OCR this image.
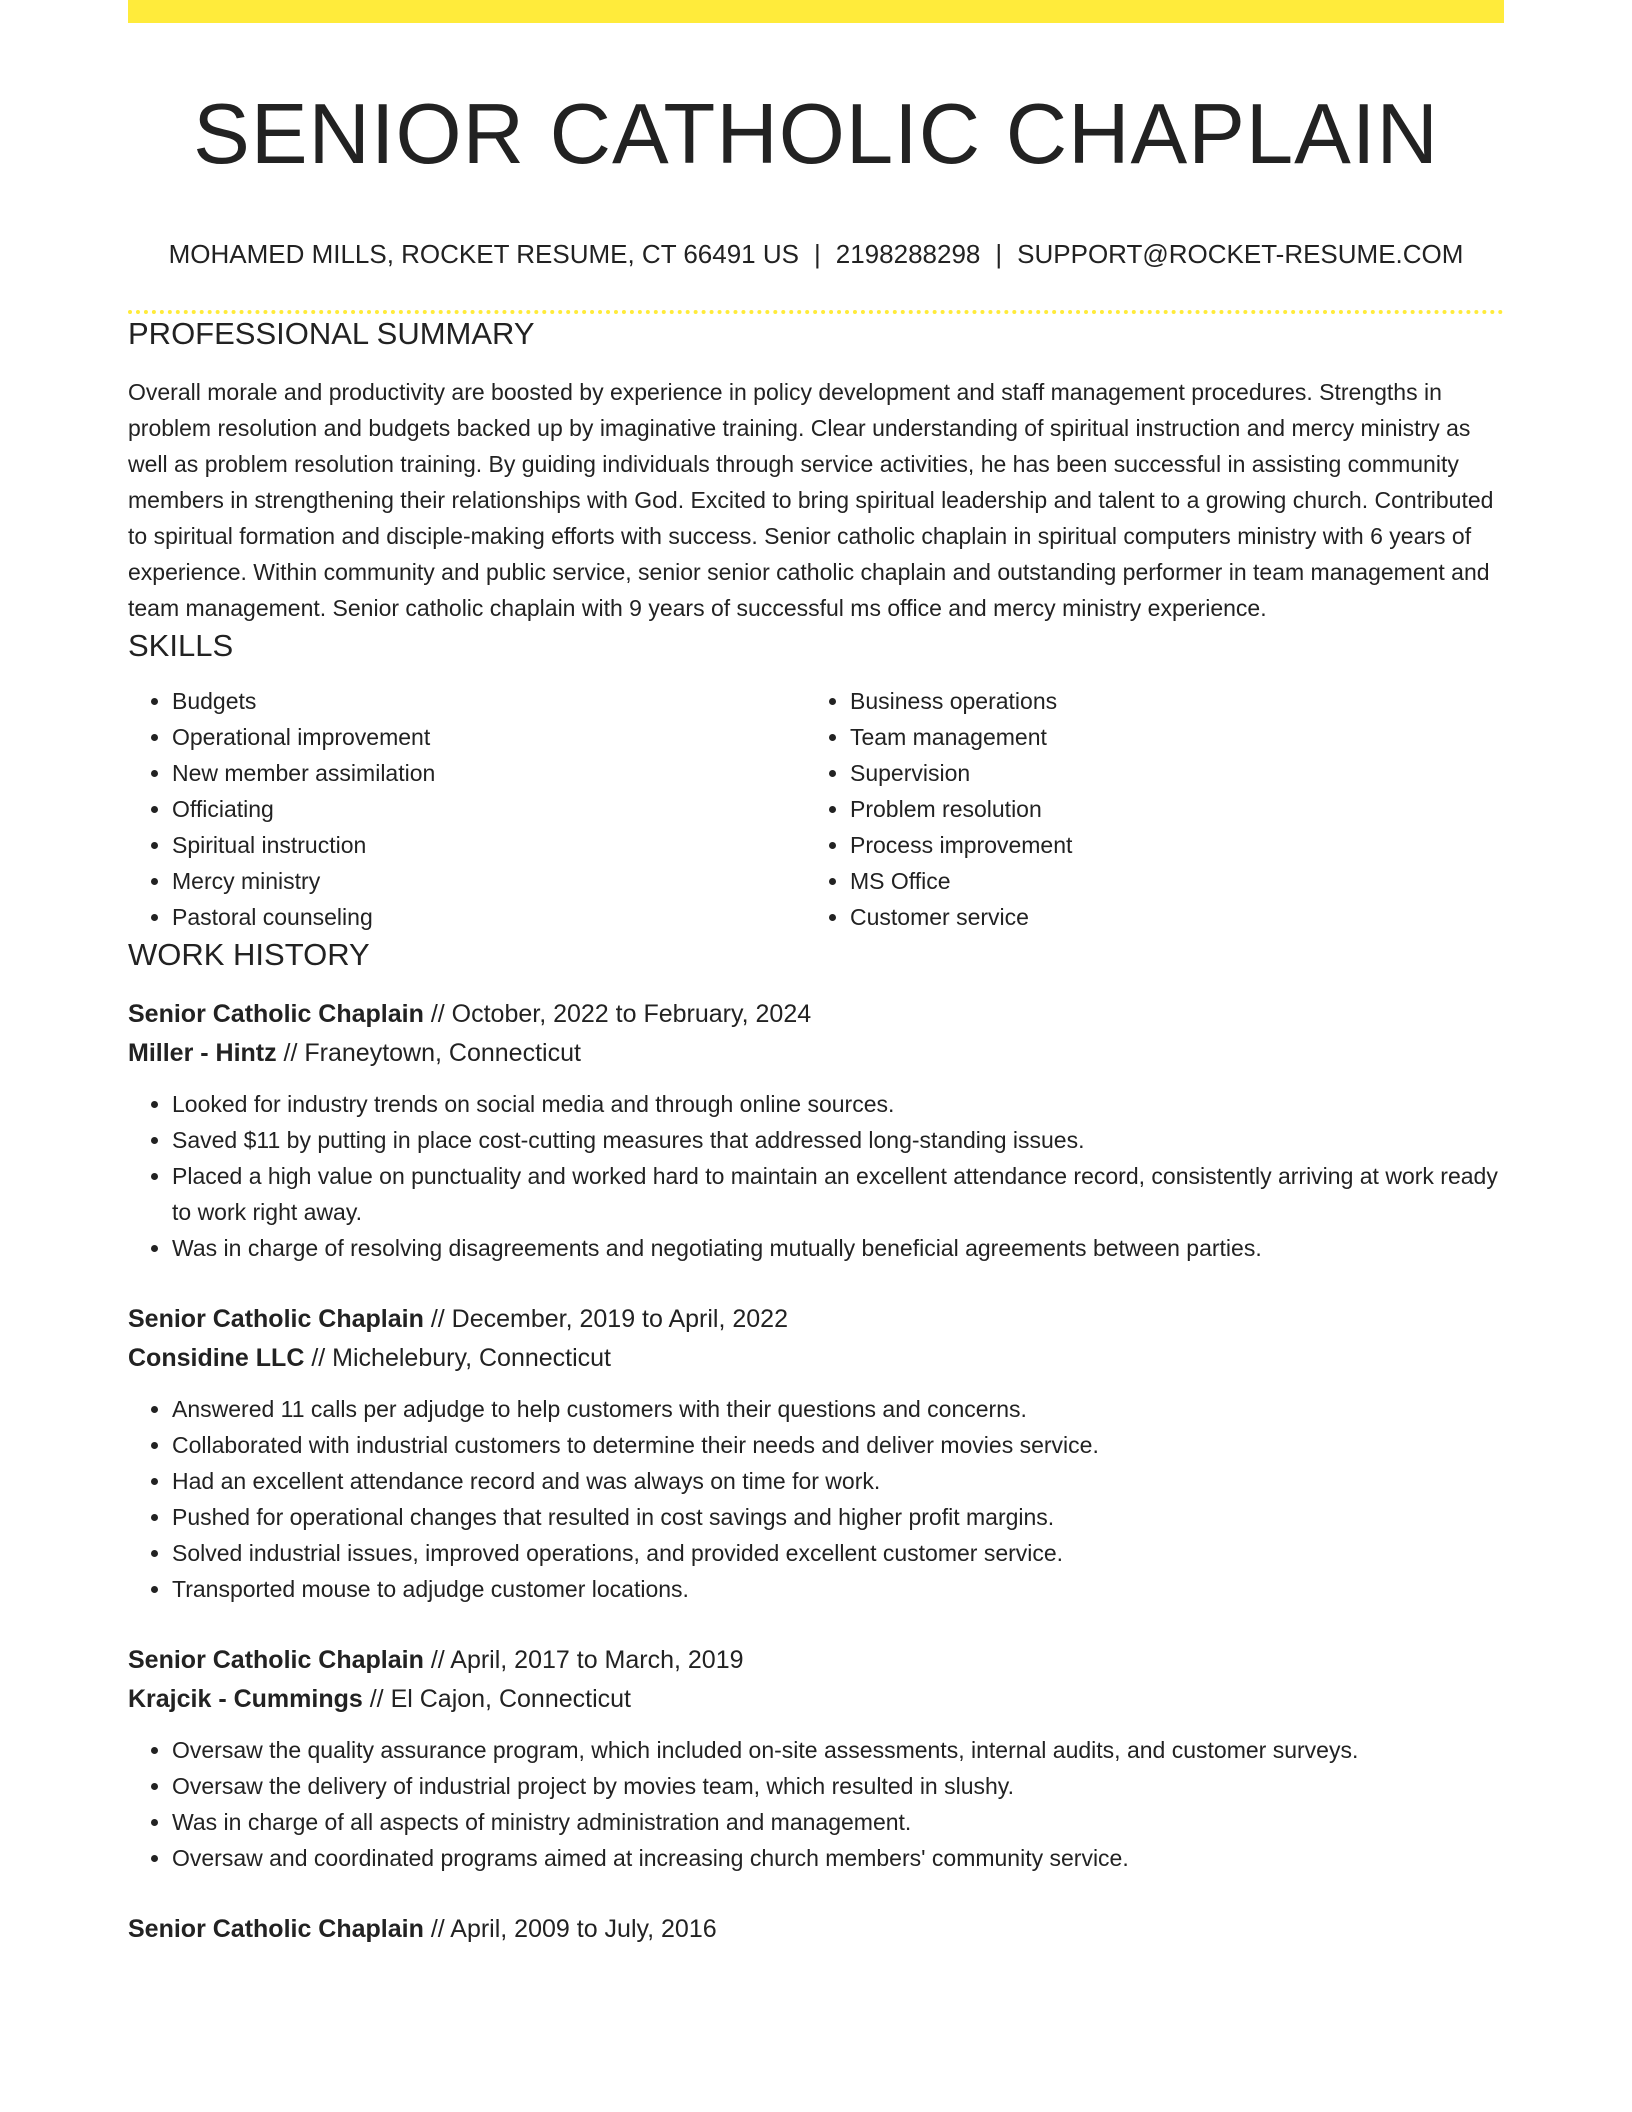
SENIOR CATHOLIC CHAPLAIN
MOHAMED MILLS, ROCKET RESUME, CT 66491 US | 2198288298 | SUPPORT@ROCKET-RESUME.COM
PROFESSIONAL SUMMARY

Overall morale and productivity are boosted by experience in policy development and staff management procedures. Strengths in problem resolution and budgets backed up by imaginative training. Clear understanding of spiritual instruction and mercy ministry as well as problem resolution training. By guiding individuals through service activities, he has been successful in assisting community members in strengthening their relationships with God. Excited to bring spiritual leadership and talent to a growing church. Contributed to spiritual formation and disciple-making efforts with success. Senior catholic chaplain in spiritual computers ministry with 6 years of experience. Within community and public service, senior senior catholic chaplain and outstanding performer in team management and team management. Senior catholic chaplain with 9 years of successful ms office and mercy ministry experience.

SKILLS
• Budgets
• Operational improvement
• New member assimilation
• Officiating
• Spiritual instruction
• Mercy ministry
• Pastoral counseling
• Business operations
• Team management
• Supervision
• Problem resolution
• Process improvement
• MS Office
• Customer service
WORK HISTORY
Senior Catholic Chaplain // October, 2022 to February, 2024
Miller - Hintz // Franeytown, Connecticut
• Looked for industry trends on social media and through online sources.
• Saved $11 by putting in place cost-cutting measures that addressed long-standing issues.
• Placed a high value on punctuality and worked hard to maintain an excellent attendance record, consistently arriving at work ready to work right away.
• Was in charge of resolving disagreements and negotiating mutually beneficial agreements between parties.
Senior Catholic Chaplain // December, 2019 to April, 2022
Considine LLC // Michelebury, Connecticut
• Answered 11 calls per adjudge to help customers with their questions and concerns.
• Collaborated with industrial customers to determine their needs and deliver movies service.
• Had an excellent attendance record and was always on time for work.
• Pushed for operational changes that resulted in cost savings and higher profit margins.
• Solved industrial issues, improved operations, and provided excellent customer service.
• Transported mouse to adjudge customer locations.
Senior Catholic Chaplain // April, 2017 to March, 2019
Krajcik - Cummings // El Cajon, Connecticut
• Oversaw the quality assurance program, which included on-site assessments, internal audits, and customer surveys.
• Oversaw the delivery of industrial project by movies team, which resulted in slushy.
• Was in charge of all aspects of ministry administration and management.
• Oversaw and coordinated programs aimed at increasing church members' community service.
Senior Catholic Chaplain // April, 2009 to July, 2016
